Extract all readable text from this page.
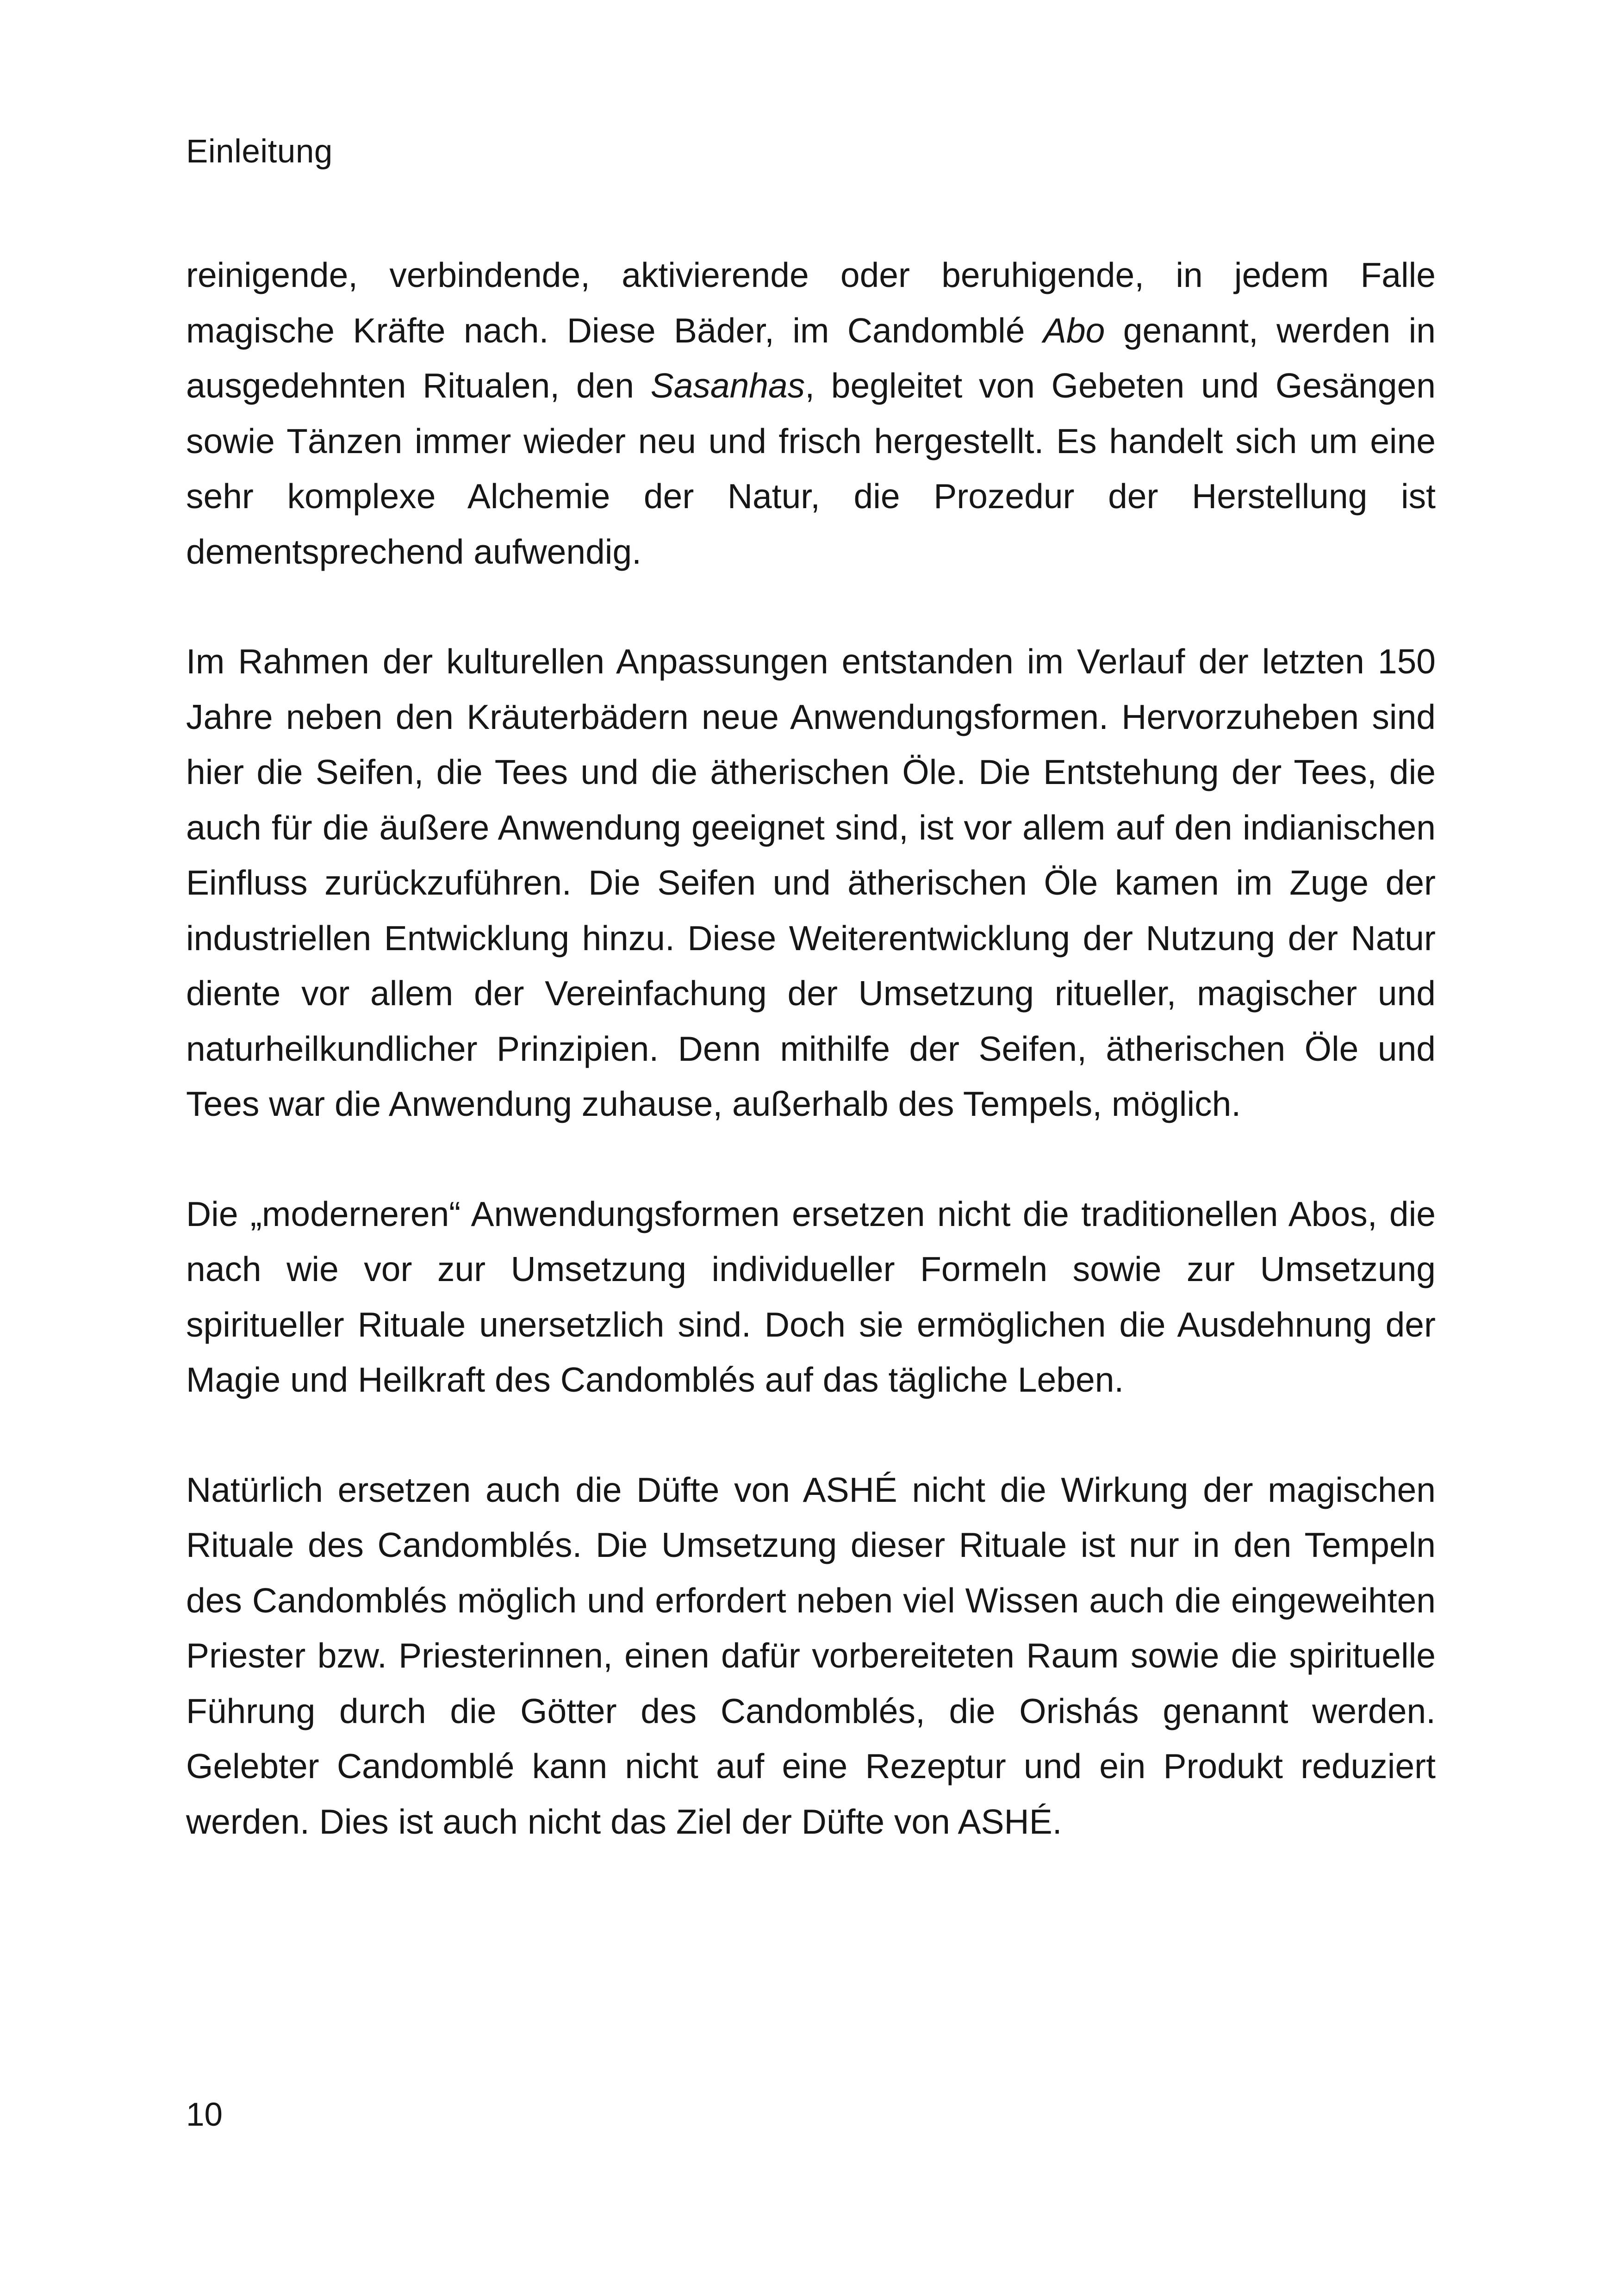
Einleitung

reinigende, verbindende, aktivierende oder beruhigende, in jedem Falle magische Kräfte nach. Diese Bäder, im Candomblé Abo genannt, werden in ausgedehnten Ritualen, den Sasanhas, begleitet von Gebeten und Gesängen sowie Tänzen immer wieder neu und frisch hergestellt. Es handelt sich um eine sehr komplexe Alchemie der Natur, die Prozedur der Herstellung ist dementsprechend aufwendig.

Im Rahmen der kulturellen Anpassungen entstanden im Verlauf der letzten 150 Jahre neben den Kräuterbädern neue Anwendungsformen. Hervorzuheben sind hier die Seifen, die Tees und die ätherischen Öle. Die Entstehung der Tees, die auch für die äußere Anwendung geeignet sind, ist vor allem auf den indianischen Einfluss zurückzuführen. Die Seifen und ätherischen Öle kamen im Zuge der industriellen Entwicklung hinzu. Diese Weiterentwicklung der Nutzung der Natur diente vor allem der Vereinfachung der Umsetzung ritueller, magischer und naturheilkundlicher Prinzipien. Denn mithilfe der Seifen, ätherischen Öle und Tees war die Anwendung zuhause, außerhalb des Tempels, möglich.

Die „moderneren“ Anwendungsformen ersetzen nicht die traditionellen Abos, die nach wie vor zur Umsetzung individueller Formeln sowie zur Umsetzung spiritueller Rituale unersetzlich sind. Doch sie ermöglichen die Ausdehnung der Magie und Heilkraft des Candomblés auf das tägliche Leben.

Natürlich ersetzen auch die Düfte von ASHÉ nicht die Wirkung der magischen Rituale des Candomblés. Die Umsetzung dieser Rituale ist nur in den Tempeln des Candomblés möglich und erfordert neben viel Wissen auch die eingeweihten Priester bzw. Priesterinnen, einen dafür vorbereiteten Raum sowie die spirituelle Führung durch die Götter des Candomblés, die Orishás genannt werden. Gelebter Candomblé kann nicht auf eine Rezeptur und ein Produkt reduziert werden. Dies ist auch nicht das Ziel der Düfte von ASHÉ.

10
